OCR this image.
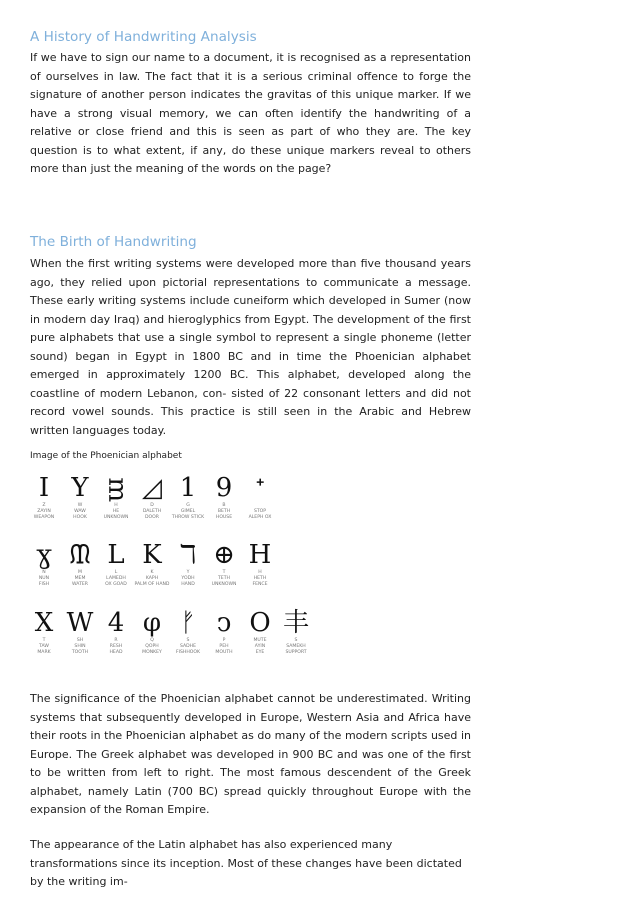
A History of Handwriting Analysis

If we have to sign our name to a document, it is recognised as a representation of ourselves in law. The fact that it is a serious criminal offence to forge the signature of another person indicates the gravitas of this unique marker. If we have a strong visual memory, we can often identify the handwriting of a relative or close friend and this is seen as part of who they are. The key question is to what extent, if any, do these unique markers reveal to others more than just the meaning of the words on the page?

The Birth of Handwriting

When the first writing systems were developed more than five thousand years ago, they relied upon pictorial representations to communicate a message. These early writing systems include cuneiform which developed in Sumer (now in modern day Iraq) and hieroglyphics from Egypt. The development of the first pure alphabets that use a single symbol to represent a single phoneme (letter sound) began in Egypt in 1800 BC and in time the Phoenician alphabet emerged in approximately 1200 BC. This alphabet, developed along the coastline of modern Lebanon, con- sisted of 22 consonant letters and did not record vowel sounds. This practice is still seen in the Arabic and Hebrew written languages today.

Image of the Phoenician alphabet
I
Z
ZAYIN
WEAPON
Y
W
WAW
HOOK
ᴟ
H
HE
UNKNOWN
◿
D
DALETH
DOOR
1
G
GIMEL
THROW STICK
9
B
BETH
HOUSE
ᐩ
STOP
ALEPH OX
ɣ
N
NUN
FISH
ᙢ
M
MEM
WATER
L
L
LAMEDH
OX GOAD
K
K
KAPH
PALM OF HAND
ℸ
Y
YODH
HAND
⊕
T
TETH
UNKNOWN
H
H
HETH
FENCE
X
T
TAW
MARK
W
SH
SHIN
TOOTH
4
R
RESH
HEAD
φ
Q
QOPH
MONKEY
ᚠ
S
SADHE
FISHHOOK
ↄ
P
PEH
MOUTH
O
MUTE
AYIN
EYE
丰
S
SAMEKH
SUPPORT

The significance of the Phoenician alphabet cannot be underestimated. Writing systems that subsequently developed in Europe, Western Asia and Africa have their roots in the Phoenician alphabet as do many of the modern scripts used in Europe. The Greek alphabet was developed in 900 BC and was one of the first to be written from left to right. The most famous descendent of the Greek alphabet, namely Latin (700 BC) spread quickly throughout Europe with the expansion of the Roman Empire.

The appearance of the Latin alphabet has also experienced many transformations since its inception. Most of these changes have been dictated by the writing im-
